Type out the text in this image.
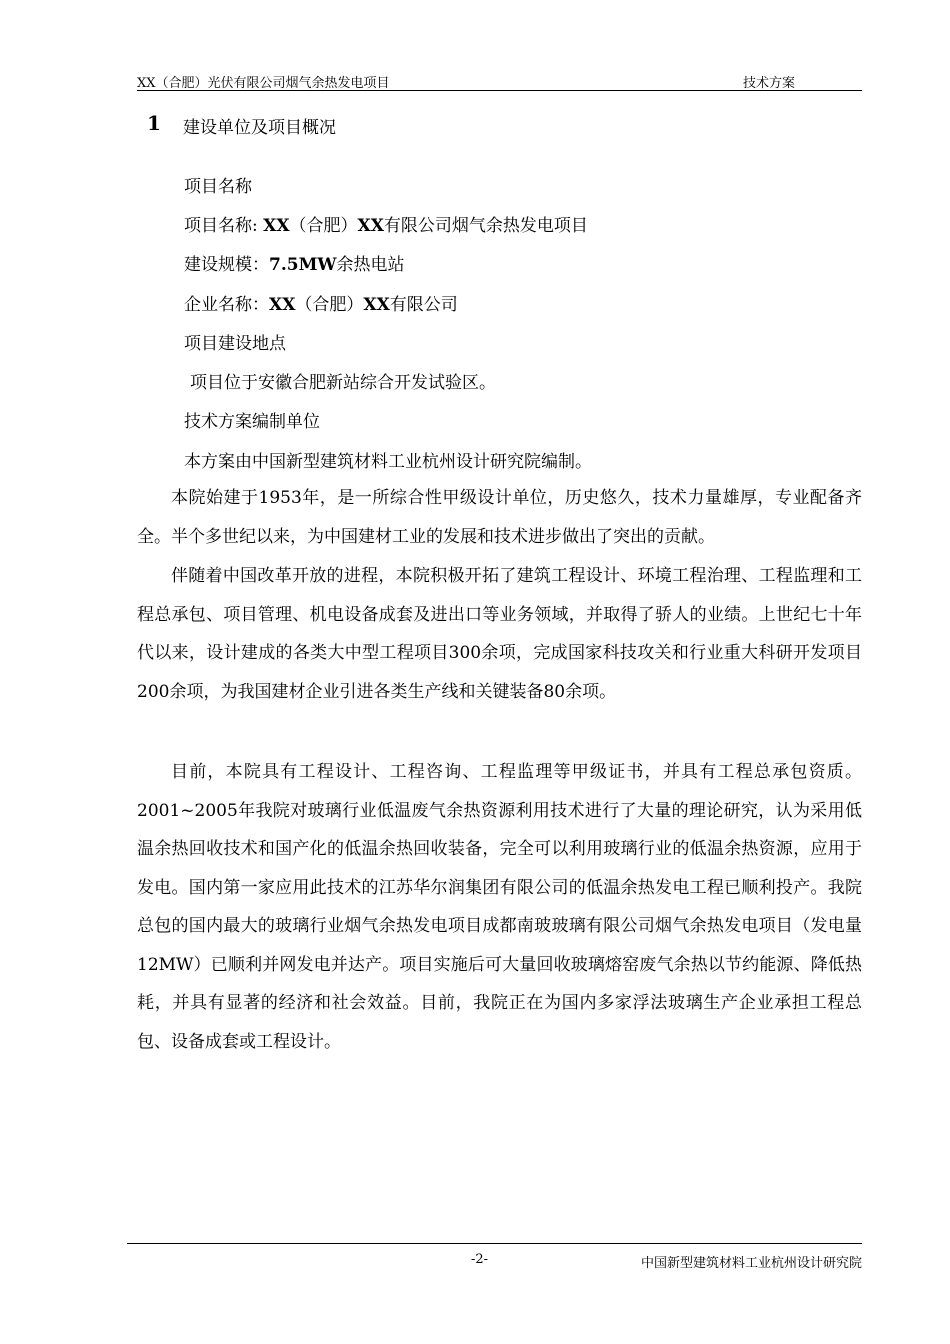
XX（合肥）光伏有限公司烟气余热发电项目	技术方案
1 建设单位及项目概况
项目名称
项目名称: XX（合肥）XX有限公司烟气余热发电项目
建设规模：7.5MW余热电站
企业名称：XX（合肥）XX有限公司
项目建设地点
项目位于安徽合肥新站综合开发试验区。
技术方案编制单位
本方案由中国新型建筑材料工业杭州设计研究院编制。
本院始建于1953年，是一所综合性甲级设计单位，历史悠久，技术力量雄厚，专业配备齐全。半个多世纪以来，为中国建材工业的发展和技术进步做出了突出的贡献。
伴随着中国改革开放的进程，本院积极开拓了建筑工程设计、环境工程治理、工程监理和工程总承包、项目管理、机电设备成套及进出口等业务领域，并取得了骄人的业绩。上世纪七十年代以来，设计建成的各类大中型工程项目300余项，完成国家科技攻关和行业重大科研开发项目200余项，为我国建材企业引进各类生产线和关键装备80余项。
目前，本院具有工程设计、工程咨询、工程监理等甲级证书，并具有工程总承包资质。2001~2005年我院对玻璃行业低温废气余热资源利用技术进行了大量的理论研究，认为采用低温余热回收技术和国产化的低温余热回收装备，完全可以利用玻璃行业的低温余热资源，应用于发电。国内第一家应用此技术的江苏华尔润集团有限公司的低温余热发电工程已顺利投产。我院总包的国内最大的玻璃行业烟气余热发电项目成都南玻玻璃有限公司烟气余热发电项目（发电量12MW）已顺利并网发电并达产。项目实施后可大量回收玻璃熔窑废气余热以节约能源、降低热耗，并具有显著的经济和社会效益。目前，我院正在为国内多家浮法玻璃生产企业承担工程总包、设备成套或工程设计。
-2-	中国新型建筑材料工业杭州设计研究院
